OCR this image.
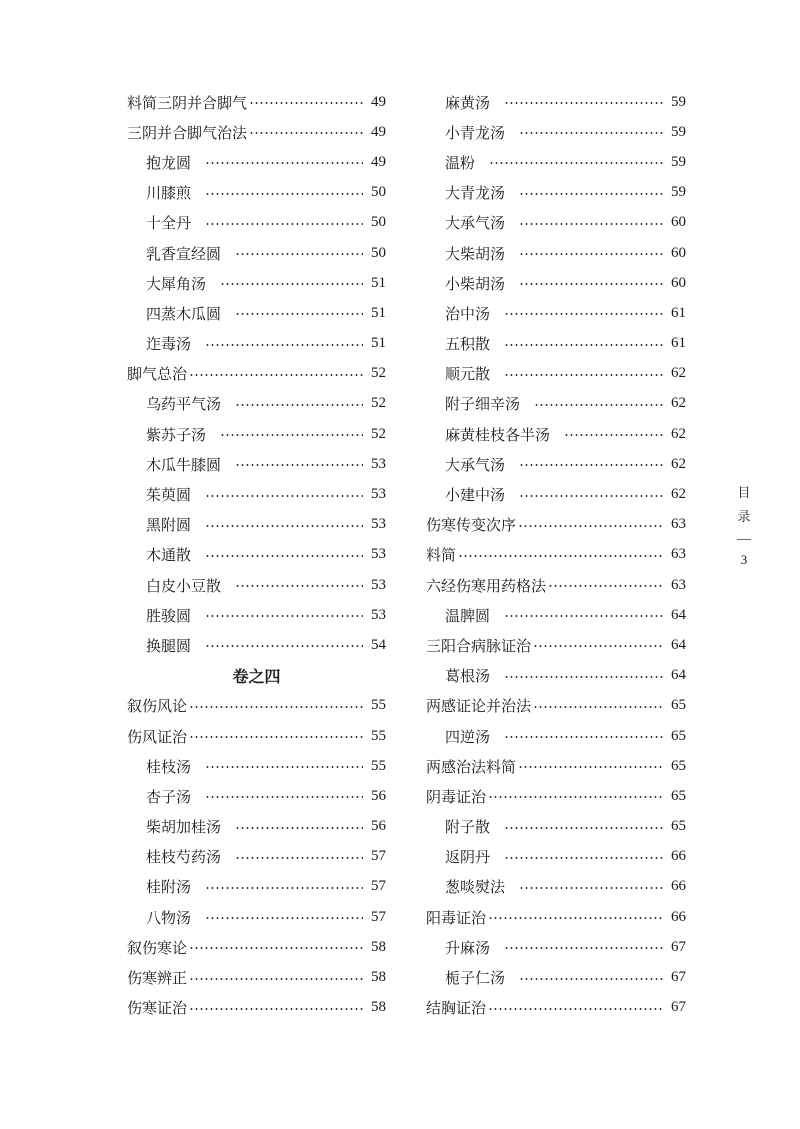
料简三阴并合脚气	49
三阴并合脚气治法	49
抱龙圆	49
川膝煎	50
十全丹	50
乳香宣经圆	50
大犀角汤	51
四蒸木瓜圆	51
迮毒汤	51
脚气总治	52
乌药平气汤	52
紫苏子汤	52
木瓜牛膝圆	53
茱萸圆	53
黑附圆	53
木通散	53
白皮小豆散	53
胜骏圆	53
换腿圆	54
卷之四
叙伤风论	55
伤风证治	55
桂枝汤	55
杏子汤	56
柴胡加桂汤	56
桂枝芍药汤	57
桂附汤	57
八物汤	57
叙伤寒论	58
伤寒辨正	58
伤寒证治	58
麻黄汤	59
小青龙汤	59
温粉	59
大青龙汤	59
大承气汤	60
大柴胡汤	60
小柴胡汤	60
治中汤	61
五积散	61
顺元散	62
附子细辛汤	62
麻黄桂枝各半汤	62
大承气汤	62
小建中汤	62
伤寒传变次序	63
料简	63
六经伤寒用药格法	63
温脾圆	64
三阳合病脉证治	64
葛根汤	64
两感证论并治法	65
四逆汤	65
两感治法料简	65
阴毒证治	65
附子散	65
返阴丹	66
葱啖熨法	66
阳毒证治	66
升麻汤	67
栀子仁汤	67
结胸证治	67
目
录
3
